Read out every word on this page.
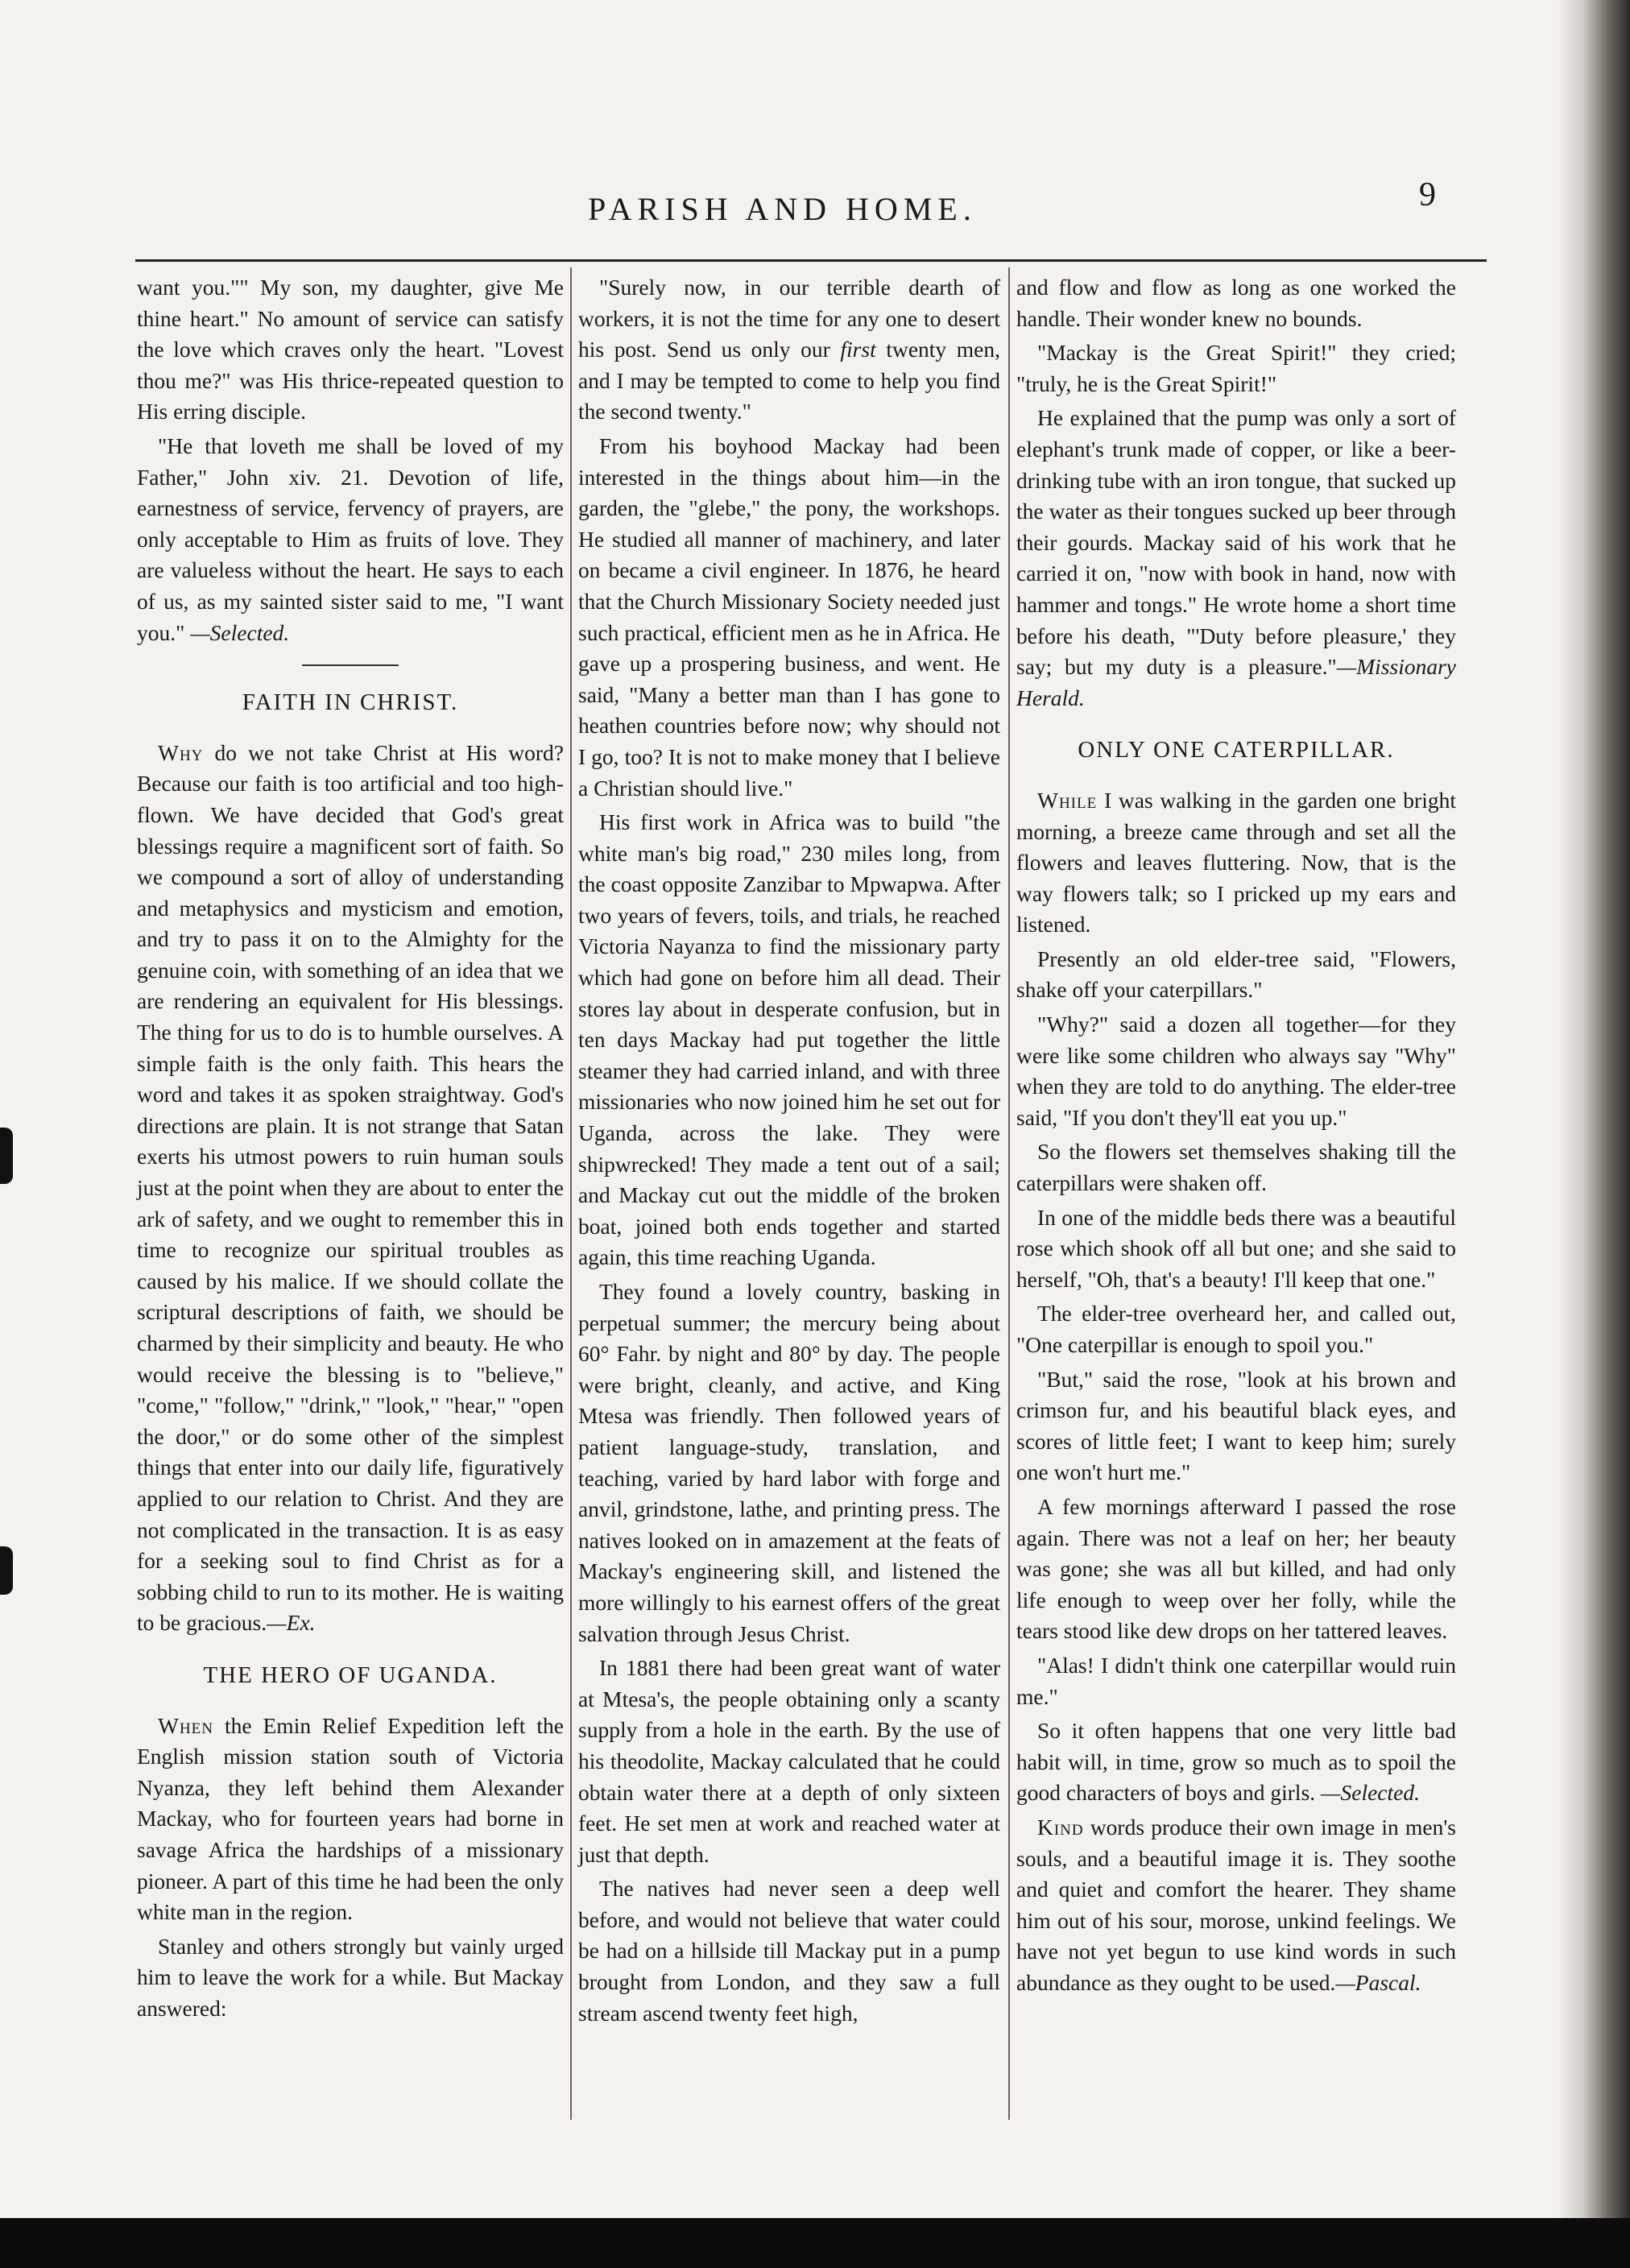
PARISH AND HOME.	9

want you."" My son, my daughter, give Me thine heart." No amount of service can satisfy the love which craves only the heart. "Lovest thou me?" was His thrice-repeated question to His erring disciple.

"He that loveth me shall be loved of my Father," John xiv. 21. Devotion of life, earnestness of service, fervency of prayers, are only acceptable to Him as fruits of love. They are valueless without the heart. He says to each of us, as my sainted sister said to me, "I want you." —Selected.

FAITH IN CHRIST.

Why do we not take Christ at His word? Because our faith is too artificial and too high-flown. We have decided that God's great blessings require a magnificent sort of faith. So we compound a sort of alloy of understanding and metaphysics and mysticism and emotion, and try to pass it on to the Almighty for the genuine coin, with something of an idea that we are rendering an equivalent for His blessings. The thing for us to do is to humble ourselves. A simple faith is the only faith. This hears the word and takes it as spoken straightway. God's directions are plain. It is not strange that Satan exerts his utmost powers to ruin human souls just at the point when they are about to enter the ark of safety, and we ought to remember this in time to recognize our spiritual troubles as caused by his malice. If we should collate the scriptural descriptions of faith, we should be charmed by their simplicity and beauty. He who would receive the blessing is to "believe," "come," "follow," "drink," "look," "hear," "open the door," or do some other of the simplest things that enter into our daily life, figuratively applied to our relation to Christ. And they are not complicated in the transaction. It is as easy for a seeking soul to find Christ as for a sobbing child to run to its mother. He is waiting to be gracious.—Ex.

THE HERO OF UGANDA.

When the Emin Relief Expedition left the English mission station south of Victoria Nyanza, they left behind them Alexander Mackay, who for fourteen years had borne in savage Africa the hardships of a missionary pioneer. A part of this time he had been the only white man in the region.

Stanley and others strongly but vainly urged him to leave the work for a while. But Mackay answered:

"Surely now, in our terrible dearth of workers, it is not the time for any one to desert his post. Send us only our first twenty men, and I may be tempted to come to help you find the second twenty."

From his boyhood Mackay had been interested in the things about him—in the garden, the "glebe," the pony, the workshops. He studied all manner of machinery, and later on became a civil engineer. In 1876, he heard that the Church Missionary Society needed just such practical, efficient men as he in Africa. He gave up a prospering business, and went. He said, "Many a better man than I has gone to heathen countries before now; why should not I go, too? It is not to make money that I believe a Christian should live."

His first work in Africa was to build "the white man's big road," 230 miles long, from the coast opposite Zanzibar to Mpwapwa. After two years of fevers, toils, and trials, he reached Victoria Nayanza to find the missionary party which had gone on before him all dead. Their stores lay about in desperate confusion, but in ten days Mackay had put together the little steamer they had carried inland, and with three missionaries who now joined him he set out for Uganda, across the lake. They were shipwrecked! They made a tent out of a sail; and Mackay cut out the middle of the broken boat, joined both ends together and started again, this time reaching Uganda.

They found a lovely country, basking in perpetual summer; the mercury being about 60° Fahr. by night and 80° by day. The people were bright, cleanly, and active, and King Mtesa was friendly. Then followed years of patient language-study, translation, and teaching, varied by hard labor with forge and anvil, grindstone, lathe, and printing press. The natives looked on in amazement at the feats of Mackay's engineering skill, and listened the more willingly to his earnest offers of the great salvation through Jesus Christ.

In 1881 there had been great want of water at Mtesa's, the people obtaining only a scanty supply from a hole in the earth. By the use of his theodolite, Mackay calculated that he could obtain water there at a depth of only sixteen feet. He set men at work and reached water at just that depth.

The natives had never seen a deep well before, and would not believe that water could be had on a hillside till Mackay put in a pump brought from London, and they saw a full stream ascend twenty feet high,

and flow and flow as long as one worked the handle. Their wonder knew no bounds.

"Mackay is the Great Spirit!" they cried; "truly, he is the Great Spirit!"

He explained that the pump was only a sort of elephant's trunk made of copper, or like a beer-drinking tube with an iron tongue, that sucked up the water as their tongues sucked up beer through their gourds. Mackay said of his work that he carried it on, "now with book in hand, now with hammer and tongs." He wrote home a short time before his death, "'Duty before pleasure,' they say; but my duty is a pleasure."—Missionary Herald.

ONLY ONE CATERPILLAR.

While I was walking in the garden one bright morning, a breeze came through and set all the flowers and leaves fluttering. Now, that is the way flowers talk; so I pricked up my ears and listened.

Presently an old elder-tree said, "Flowers, shake off your caterpillars."

"Why?" said a dozen all together—for they were like some children who always say "Why" when they are told to do anything. The elder-tree said, "If you don't they'll eat you up."

So the flowers set themselves shaking till the caterpillars were shaken off.

In one of the middle beds there was a beautiful rose which shook off all but one; and she said to herself, "Oh, that's a beauty! I'll keep that one."

The elder-tree overheard her, and called out, "One caterpillar is enough to spoil you."

"But," said the rose, "look at his brown and crimson fur, and his beautiful black eyes, and scores of little feet; I want to keep him; surely one won't hurt me."

A few mornings afterward I passed the rose again. There was not a leaf on her; her beauty was gone; she was all but killed, and had only life enough to weep over her folly, while the tears stood like dew drops on her tattered leaves.

"Alas! I didn't think one caterpillar would ruin me."

So it often happens that one very little bad habit will, in time, grow so much as to spoil the good characters of boys and girls. —Selected.

Kind words produce their own image in men's souls, and a beautiful image it is. They soothe and quiet and comfort the hearer. They shame him out of his sour, morose, unkind feelings. We have not yet begun to use kind words in such abundance as they ought to be used.—Pascal.
